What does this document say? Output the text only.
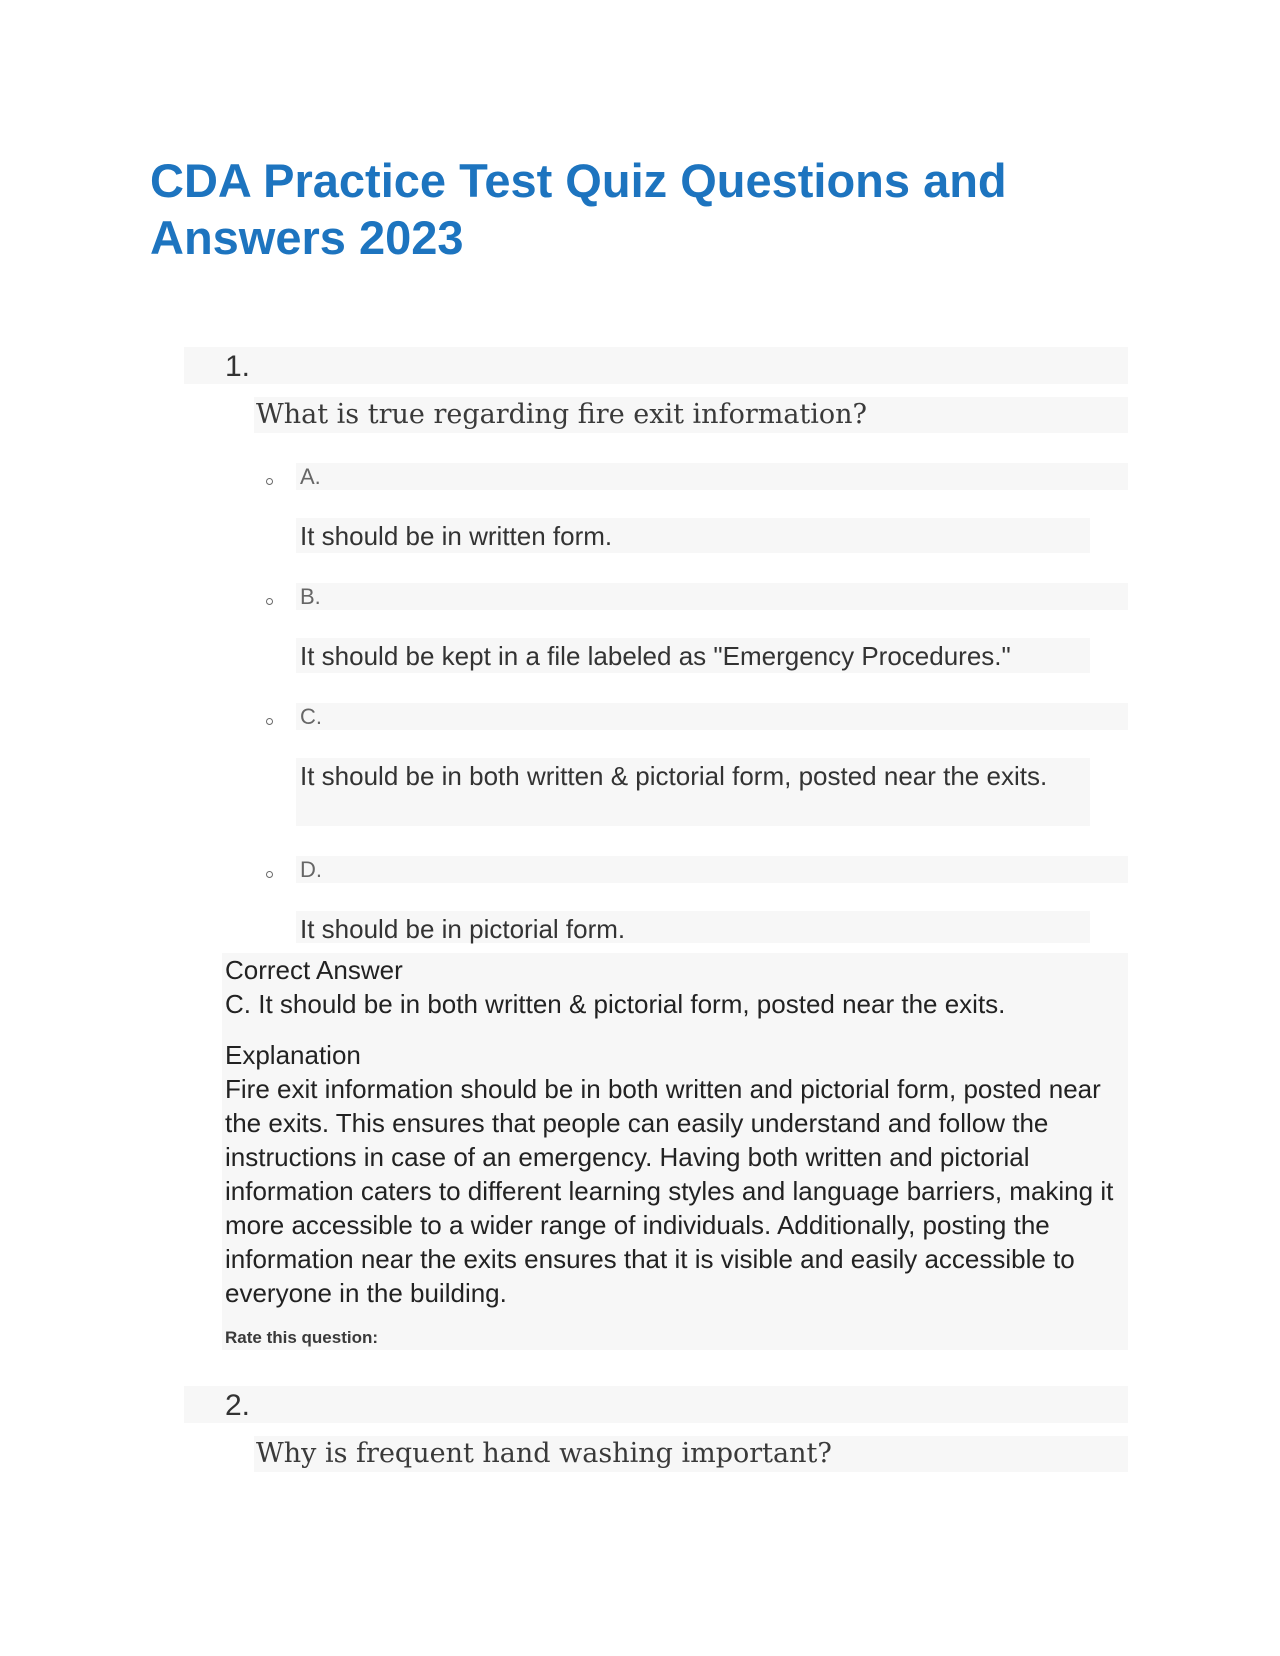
CDA Practice Test Quiz Questions and Answers 2023
1.
What is true regarding fire exit information?
A.
It should be in written form.
B.
It should be kept in a file labeled as "Emergency Procedures."
C.
It should be in both written & pictorial form, posted near the exits.
D.
It should be in pictorial form.
Correct Answer
C. It should be in both written & pictorial form, posted near the exits.
Explanation
Fire exit information should be in both written and pictorial form, posted near the exits. This ensures that people can easily understand and follow the instructions in case of an emergency. Having both written and pictorial information caters to different learning styles and language barriers, making it more accessible to a wider range of individuals. Additionally, posting the information near the exits ensures that it is visible and easily accessible to everyone in the building.
Rate this question:
2.
Why is frequent hand washing important?
